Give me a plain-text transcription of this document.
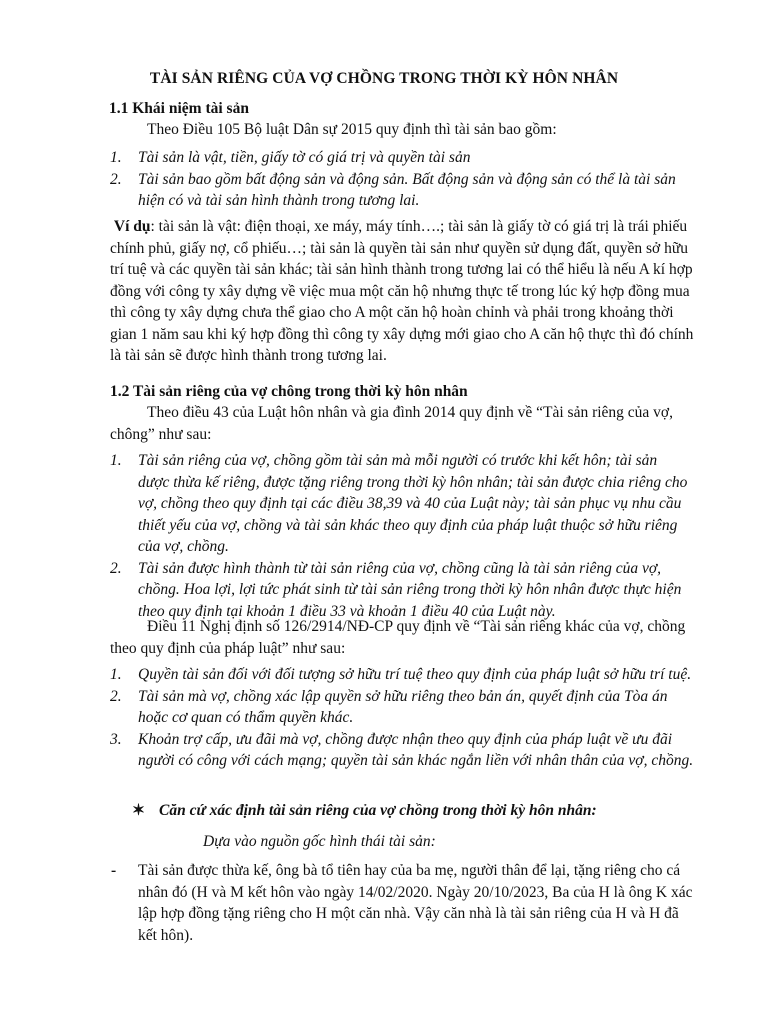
TÀI SẢN RIÊNG CỦA VỢ CHỒNG TRONG THỜI KỲ HÔN NHÂN
1.1 Khái niệm tài sản
Theo Điều 105 Bộ luật Dân sự 2015 quy định thì tài sản bao gồm:
1. Tài sản là vật, tiền, giấy tờ có giá trị và quyền tài sản
2. Tài sản bao gồm bất động sản và động sản. Bất động sản và động sản có thể là tài sản hiện có và tài sản hình thành trong tương lai.

Ví dụ: tài sản là vật: điện thoại, xe máy, máy tính….; tài sản là giấy tờ có giá trị là trái phiếu chính phủ, giấy nợ, cổ phiếu…; tài sản là quyền tài sản như quyền sử dụng đất, quyền sở hữu trí tuệ và các quyền tài sản khác; tài sản hình thành trong tương lai có thể hiểu là nếu A kí hợp đồng với công ty xây dựng về việc mua một căn hộ nhưng thực tế trong lúc ký hợp đồng mua thì công ty xây dựng chưa thể giao cho A một căn hộ hoàn chỉnh và phải trong khoảng thời gian 1 năm sau khi ký hợp đồng thì công ty xây dựng mới giao cho A căn hộ thực thì đó chính là tài sản sẽ được hình thành trong tương lai.

1.2 Tài sản riêng của vợ chông trong thời kỳ hôn nhân
Theo điều 43 của Luật hôn nhân và gia đình 2014 quy định về “Tài sản riêng của vợ, chông” như sau:
1. Tài sản riêng của vợ, chồng gồm tài sản mà mỗi người có trước khi kết hôn; tài sản dược thừa kế riêng, được tặng riêng trong thời kỳ hôn nhân; tài sản được chia riêng cho vợ, chồng theo quy định tại các điều 38,39 và 40 của Luật này; tài sản phục vụ nhu cầu thiết yếu của vợ, chồng và tài sản khác theo quy định của pháp luật thuộc sở hữu riêng của vợ, chồng.
2. Tài sản được hình thành từ tài sản riêng của vợ, chồng cũng là tài sản riêng của vợ, chồng. Hoa lợi, lợi tức phát sinh từ tài sản riêng trong thời kỳ hôn nhân được thực hiện theo quy định tại khoản 1 điều 33 và khoản 1 điều 40 của Luật này.
Điều 11 Nghị định số 126/2914/NĐ-CP quy định về “Tài sản riêng khác của vợ, chồng theo quy định của pháp luật” như sau:
1. Quyền tài sản đối với đối tượng sở hữu trí tuệ theo quy định của pháp luật sở hữu trí tuệ.
2. Tài sản mà vợ, chồng xác lập quyền sở hữu riêng theo bản án, quyết định của Tòa án hoặc cơ quan có thẩm quyền khác.
3. Khoản trợ cấp, ưu đãi mà vợ, chồng được nhận theo quy định của pháp luật về ưu đãi người có công với cách mạng; quyền tài sản khác ngắn liền với nhân thân của vợ, chồng.
✶ Căn cứ xác định tài sản riêng của vợ chồng trong thời kỳ hôn nhân:
Dựa vào nguồn gốc hình thái tài sản:
- Tài sản được thừa kế, ông bà tổ tiên hay của ba mẹ, người thân để lại, tặng riêng cho cá nhân đó (H và M kết hôn vào ngày 14/02/2020. Ngày 20/10/2023, Ba của H là ông K xác lập hợp đồng tặng riêng cho H một căn nhà. Vậy căn nhà là tài sản riêng của H và H đã kết hôn).
